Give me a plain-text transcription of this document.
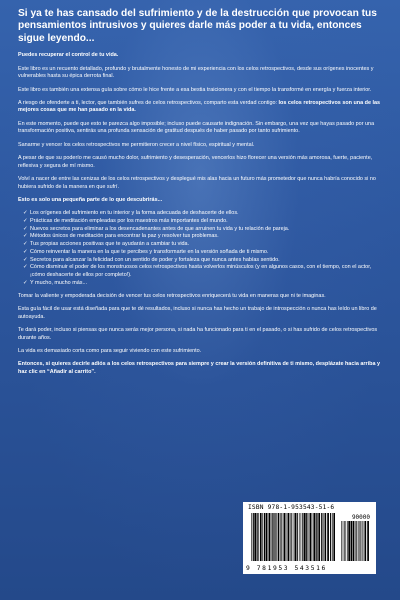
Si ya te has cansado del sufrimiento y de la destrucción que provocan tus pensamientos intrusivos y quieres darle más poder a tu vida, entonces sigue leyendo...

Puedes recuperar el control de tu vida.

Este libro es un recuento detallado, profundo y brutalmente honesto de mi experiencia con los celos retrospectivos, desde sus orígenes inocentes y vulnerables hasta su épica derrota final.

Este libro es también una extensa guía sobre cómo le hice frente a esa bestia traicionera y con el tiempo la transformé en energía y fuerza interior.

A riesgo de ofenderte a ti, lector, que también sufres de celos retrospectivos, comparto esta verdad contigo: los celos retrospectivos son una de las mejores cosas que me han pasado en la vida.

En este momento, puede que esto te parezca algo imposible; incluso puede causarte indignación. Sin embargo, una vez que hayas pasado por una transformación positiva, sentirás una profunda sensación de gratitud después de haber pasado por tanto sufrimiento.

Sanarme y vencer los celos retrospectivos me permitieron crecer a nivel físico, espiritual y mental.

A pesar de que su poderío me causó mucho dolor, sufrimiento y desesperación, vencerlos hizo florecer una versión más amorosa, fuerte, paciente, reflexiva y segura de mí mismo.

Volví a nacer de entre las cenizas de los celos retrospectivos y desplegué mis alas hacia un futuro más prometedor que nunca habría conocido si no hubiera sufrido de la manera en que sufrí.

Esto es solo una pequeña parte de lo que descubrirás...

✓ Los orígenes del sufrimiento en tu interior y la forma adecuada de deshacerte de ellos.
✓ Prácticas de meditación empleadas por los maestros más importantes del mundo.
✓ Nuevos secretos para eliminar a los desencadenantes antes de que arruinen tu vida y tu relación de pareja.
✓ Métodos únicos de meditación para encontrar la paz y resolver tus problemas.
✓ Tus propias acciones positivas que te ayudarán a cambiar tu vida.
✓ Cómo reinventar la manera en la que te percibes y transformarte en la versión soñada de ti mismo.
✓ Secretos para alcanzar la felicidad con un sentido de poder y fortaleza que nunca antes habías sentido.
✓ Cómo disminuir el poder de los monstruosos celos retrospectivos hasta volverlos minúsculos (y en algunos casos, con el tiempo, con el actor, ¡cómo deshacerte de ellos por completo!).
✓ Y mucho, mucho más...

Tomar la valiente y empoderada decisión de vencer tus celos retrospectivos enriquecerá tu vida en maneras que ni te imaginas.

Esta guía fácil de usar está diseñada para que te dé resultados, incluso si nunca has hecho un trabajo de introspección o nunca has leído un libro de autoayuda.

Te dará poder, incluso si piensas que nunca serás mejor persona, si nada ha funcionado para ti en el pasado, o si has sufrido de celos retrospectivos durante años.

La vida es demasiado corta como para seguir viviendo con este sufrimiento.

Entonces, si quieres decirle adiós a los celos retrospectivos para siempre y crear la versión definitiva de ti mismo, desplázate hacia arriba y haz clic en “Añadir al carrito”.

ISBN 978-1-953543-51-6
90000
9 781953 543516
